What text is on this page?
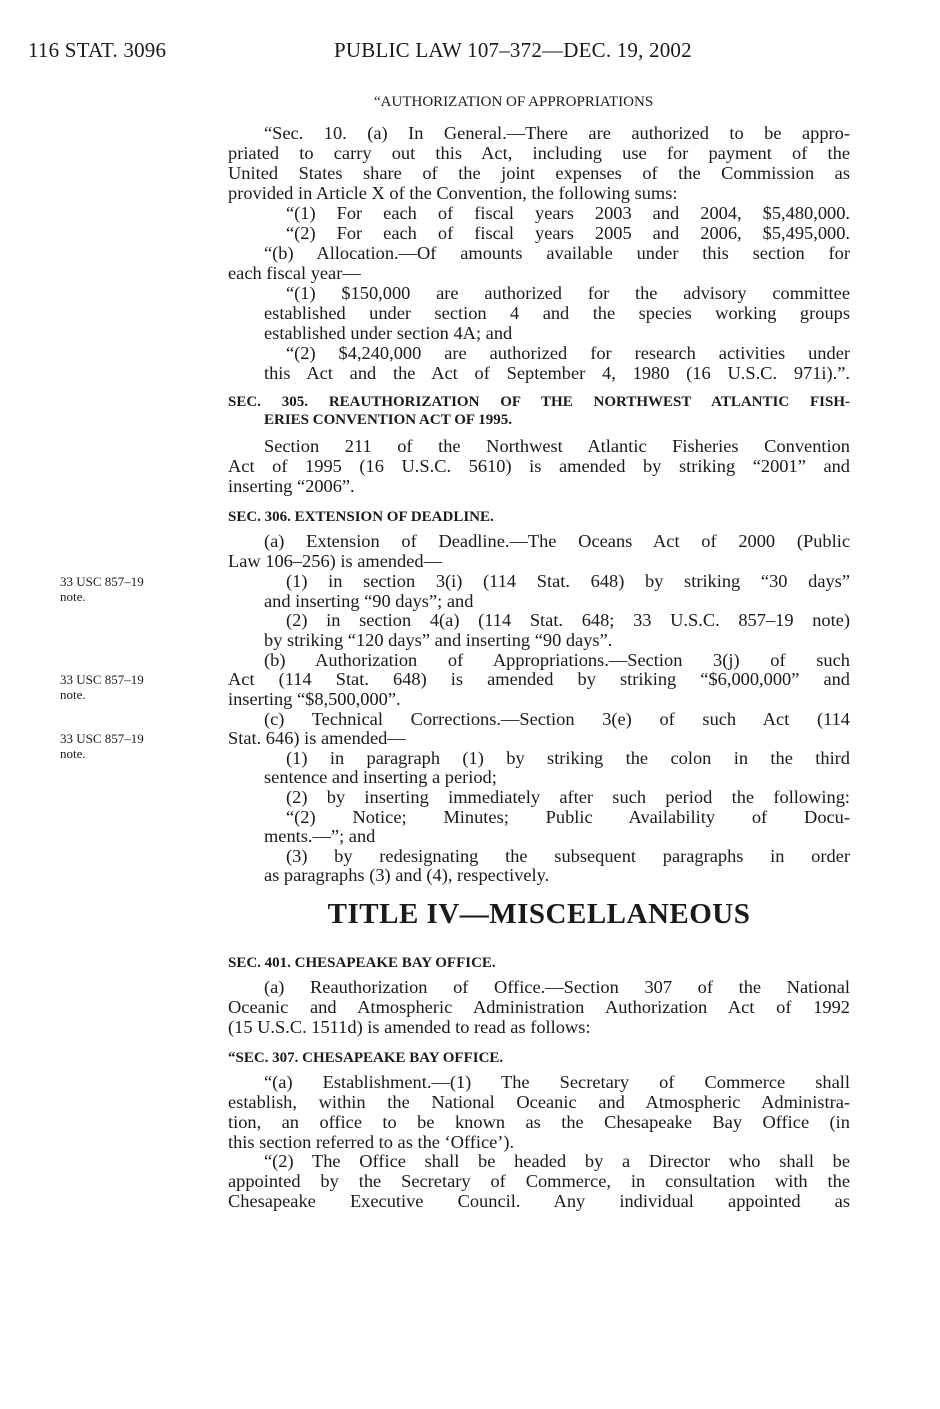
116 STAT. 3096	PUBLIC LAW 107–372—DEC. 19, 2002
“AUTHORIZATION OF APPROPRIATIONS
“Sec. 10. (a) In General.—There are authorized to be appro-
priated to carry out this Act, including use for payment of the
United States share of the joint expenses of the Commission as
provided in Article X of the Convention, the following sums:
“(1) For each of fiscal years 2003 and 2004, $5,480,000.
“(2) For each of fiscal years 2005 and 2006, $5,495,000.
“(b) Allocation.—Of amounts available under this section for
each fiscal year—
“(1) $150,000 are authorized for the advisory committee
established under section 4 and the species working groups
established under section 4A; and
“(2) $4,240,000 are authorized for research activities under
this Act and the Act of September 4, 1980 (16 U.S.C. 971i).”.
SEC. 305. REAUTHORIZATION OF THE NORTHWEST ATLANTIC FISH-
ERIES CONVENTION ACT OF 1995.
Section 211 of the Northwest Atlantic Fisheries Convention
Act of 1995 (16 U.S.C. 5610) is amended by striking “2001” and
inserting “2006”.
SEC. 306. EXTENSION OF DEADLINE.
(a) Extension of Deadline.—The Oceans Act of 2000 (Public
Law 106–256) is amended—
(1) in section 3(i) (114 Stat. 648) by striking “30 days”
and inserting “90 days”; and
(2) in section 4(a) (114 Stat. 648; 33 U.S.C. 857–19 note)
by striking “120 days” and inserting “90 days”.
(b) Authorization of Appropriations.—Section 3(j) of such
Act (114 Stat. 648) is amended by striking “$6,000,000” and
inserting “$8,500,000”.
(c) Technical Corrections.—Section 3(e) of such Act (114
Stat. 646) is amended—
(1) in paragraph (1) by striking the colon in the third
sentence and inserting a period;
(2) by inserting immediately after such period the following:
“(2) Notice; Minutes; Public Availability of Docu-
ments.—”; and
(3) by redesignating the subsequent paragraphs in order
as paragraphs (3) and (4), respectively.
TITLE IV—MISCELLANEOUS
SEC. 401. CHESAPEAKE BAY OFFICE.
(a) Reauthorization of Office.—Section 307 of the National
Oceanic and Atmospheric Administration Authorization Act of 1992
(15 U.S.C. 1511d) is amended to read as follows:
“SEC. 307. CHESAPEAKE BAY OFFICE.
“(a) Establishment.—(1) The Secretary of Commerce shall
establish, within the National Oceanic and Atmospheric Administra-
tion, an office to be known as the Chesapeake Bay Office (in
this section referred to as the ‘Office’).
“(2) The Office shall be headed by a Director who shall be
appointed by the Secretary of Commerce, in consultation with the
Chesapeake Executive Council. Any individual appointed as
33 USC 857–19
note.
33 USC 857–19
note.
33 USC 857–19
note.
